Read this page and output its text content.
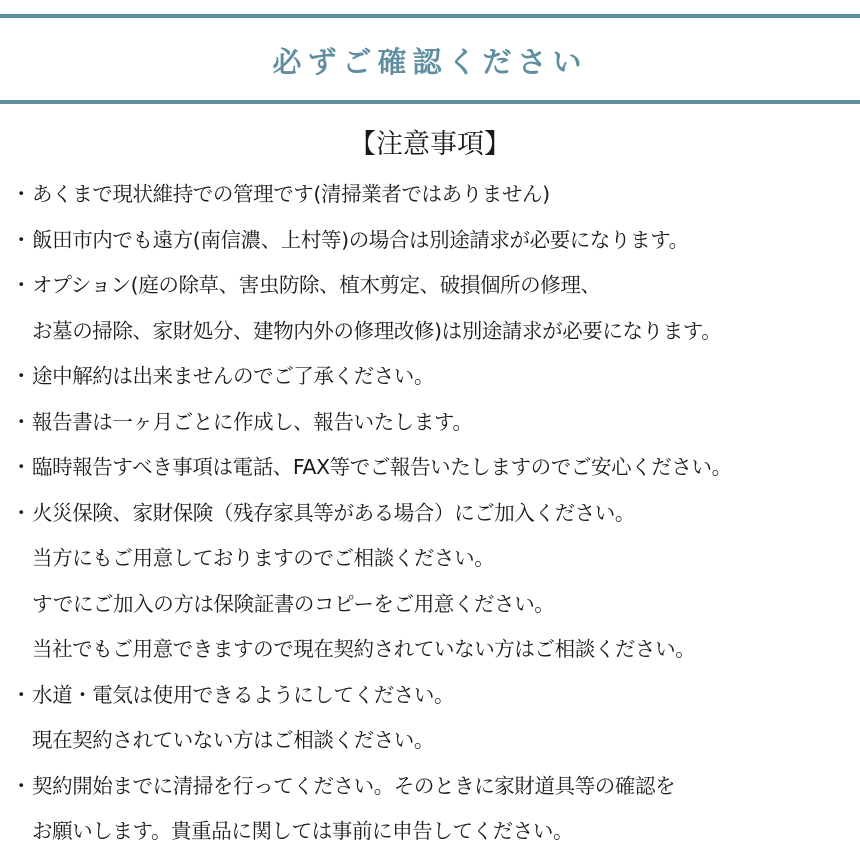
必ずご確認ください
【注意事項】
・あくまで現状維持での管理です(清掃業者ではありません)
・飯田市内でも遠方(南信濃、上村等)の場合は別途請求が必要になります。
・オプション(庭の除草、害虫防除、植木剪定、破損個所の修理、
お墓の掃除、家財処分、建物内外の修理改修)は別途請求が必要になります。
・途中解約は出来ませんのでご了承ください。
・報告書は一ヶ月ごとに作成し、報告いたします。
・臨時報告すべき事項は電話、FAX等でご報告いたしますのでご安心ください。
・火災保険、家財保険（残存家具等がある場合）にご加入ください。
当方にもご用意しておりますのでご相談ください。
すでにご加入の方は保険証書のコピーをご用意ください。
当社でもご用意できますので現在契約されていない方はご相談ください。
・水道・電気は使用できるようにしてください。
現在契約されていない方はご相談ください。
・契約開始までに清掃を行ってください。そのときに家財道具等の確認を
お願いします。貴重品に関しては事前に申告してください。
